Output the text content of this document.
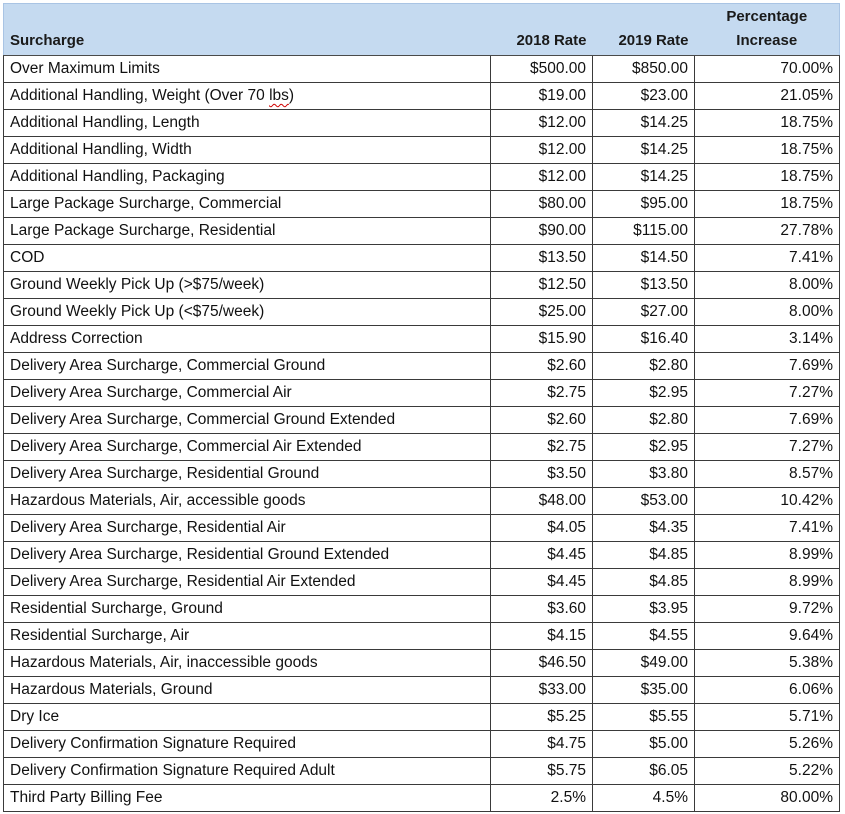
Surcharge	2018 Rate	2019 Rate	Percentage
Increase
Over Maximum Limits	$500.00	$850.00	70.00%
Additional Handling, Weight (Over 70 lbs)	$19.00	$23.00	21.05%
Additional Handling, Length	$12.00	$14.25	18.75%
Additional Handling, Width	$12.00	$14.25	18.75%
Additional Handling, Packaging	$12.00	$14.25	18.75%
Large Package Surcharge, Commercial	$80.00	$95.00	18.75%
Large Package Surcharge, Residential	$90.00	$115.00	27.78%
COD	$13.50	$14.50	7.41%
Ground Weekly Pick Up (>$75/week)	$12.50	$13.50	8.00%
Ground Weekly Pick Up (<$75/week)	$25.00	$27.00	8.00%
Address Correction	$15.90	$16.40	3.14%
Delivery Area Surcharge, Commercial Ground	$2.60	$2.80	7.69%
Delivery Area Surcharge, Commercial Air	$2.75	$2.95	7.27%
Delivery Area Surcharge, Commercial Ground Extended	$2.60	$2.80	7.69%
Delivery Area Surcharge, Commercial Air Extended	$2.75	$2.95	7.27%
Delivery Area Surcharge, Residential Ground	$3.50	$3.80	8.57%
Hazardous Materials, Air, accessible goods	$48.00	$53.00	10.42%
Delivery Area Surcharge, Residential Air	$4.05	$4.35	7.41%
Delivery Area Surcharge, Residential Ground Extended	$4.45	$4.85	8.99%
Delivery Area Surcharge, Residential Air Extended	$4.45	$4.85	8.99%
Residential Surcharge, Ground	$3.60	$3.95	9.72%
Residential Surcharge, Air	$4.15	$4.55	9.64%
Hazardous Materials, Air, inaccessible goods	$46.50	$49.00	5.38%
Hazardous Materials, Ground	$33.00	$35.00	6.06%
Dry Ice	$5.25	$5.55	5.71%
Delivery Confirmation Signature Required	$4.75	$5.00	5.26%
Delivery Confirmation Signature Required Adult	$5.75	$6.05	5.22%
Third Party Billing Fee	2.5%	4.5%	80.00%
